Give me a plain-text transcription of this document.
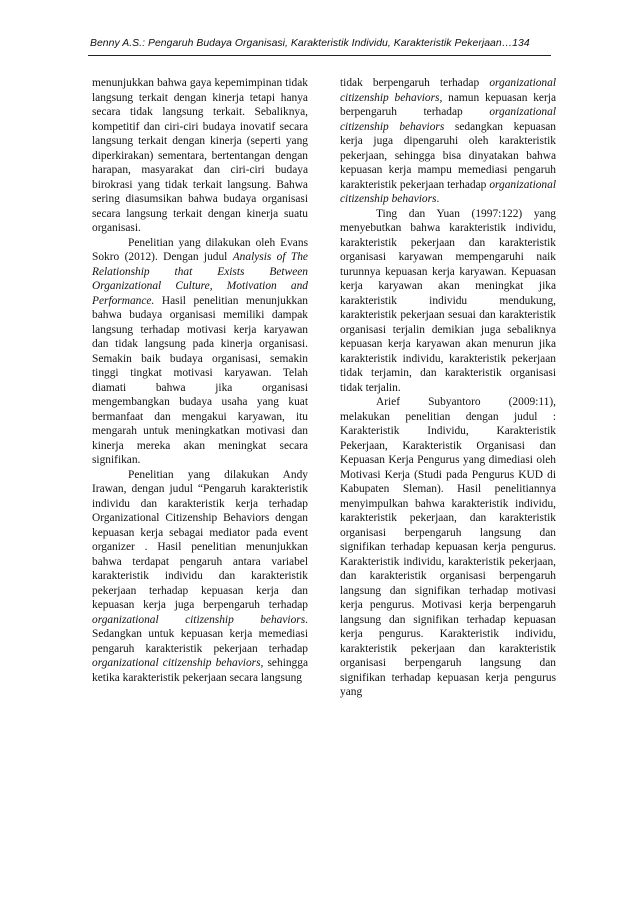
Benny A.S.: Pengaruh Budaya Organisasi, Karakteristik Individu, Karakteristik Pekerjaan…134

menunjukkan bahwa gaya kepemimpinan tidak langsung terkait dengan kinerja tetapi hanya secara tidak langsung terkait. Sebaliknya, kompetitif dan ciri-ciri budaya inovatif secara langsung terkait dengan kinerja (seperti yang diperkirakan) sementara, bertentangan dengan harapan, masyarakat dan ciri-ciri budaya birokrasi yang tidak terkait langsung. Bahwa sering diasumsikan bahwa budaya organisasi secara langsung terkait dengan kinerja suatu organisasi.

Penelitian yang dilakukan oleh Evans Sokro (2012). Dengan judul Analysis of The Relationship that Exists Between Organizational Culture, Motivation and Performance. Hasil penelitian menunjukkan bahwa budaya organisasi memiliki dampak langsung terhadap motivasi kerja karyawan dan tidak langsung pada kinerja organisasi. Semakin baik budaya organisasi, semakin tinggi tingkat motivasi karyawan. Telah diamati bahwa jika organisasi mengembangkan budaya usaha yang kuat bermanfaat dan mengakui karyawan, itu mengarah untuk meningkatkan motivasi dan kinerja mereka akan meningkat secara signifikan.

Penelitian yang dilakukan Andy Irawan, dengan judul “Pengaruh karakteristik individu dan karakteristik kerja terhadap Organizational Citizenship Behaviors dengan kepuasan kerja sebagai mediator pada event organizer . Hasil penelitian menunjukkan bahwa terdapat pengaruh antara variabel karakteristik individu dan karakteristik pekerjaan terhadap kepuasan kerja dan kepuasan kerja juga berpengaruh terhadap organizational citizenship behaviors. Sedangkan untuk kepuasan kerja memediasi pengaruh karakteristik pekerjaan terhadap organizational citizenship behaviors, sehingga ketika karakteristik pekerjaan secara langsung

tidak berpengaruh terhadap organizational citizenship behaviors, namun kepuasan kerja berpengaruh terhadap organizational citizenship behaviors sedangkan kepuasan kerja juga dipengaruhi oleh karakteristik pekerjaan, sehingga bisa dinyatakan bahwa kepuasan kerja mampu memediasi pengaruh karakteristik pekerjaan terhadap organizational citizenship behaviors.

Ting dan Yuan (1997:122) yang menyebutkan bahwa karakteristik individu, karakteristik pekerjaan dan karakteristik organisasi karyawan mempengaruhi naik turunnya kepuasan kerja karyawan. Kepuasan kerja karyawan akan meningkat jika karakteristik individu mendukung, karakteristik pekerjaan sesuai dan karakteristik organisasi terjalin demikian juga sebaliknya kepuasan kerja karyawan akan menurun jika karakteristik individu, karakteristik pekerjaan tidak terjamin, dan karakteristik organisasi tidak terjalin.

Arief Subyantoro (2009:11), melakukan penelitian dengan judul : Karakteristik Individu, Karakteristik Pekerjaan, Karakteristik Organisasi dan Kepuasan Kerja Pengurus yang dimediasi oleh Motivasi Kerja (Studi pada Pengurus KUD di Kabupaten Sleman). Hasil penelitiannya menyimpulkan bahwa karakteristik individu, karakteristik pekerjaan, dan karakteristik organisasi berpengaruh langsung dan signifikan terhadap kepuasan kerja pengurus. Karakteristik individu, karakteristik pekerjaan, dan karakteristik organisasi berpengaruh langsung dan signifikan terhadap motivasi kerja pengurus. Motivasi kerja berpengaruh langsung dan signifikan terhadap kepuasan kerja pengurus. Karakteristik individu, karakteristik pekerjaan dan karakteristik organisasi berpengaruh langsung dan signifikan terhadap kepuasan kerja pengurus yang
